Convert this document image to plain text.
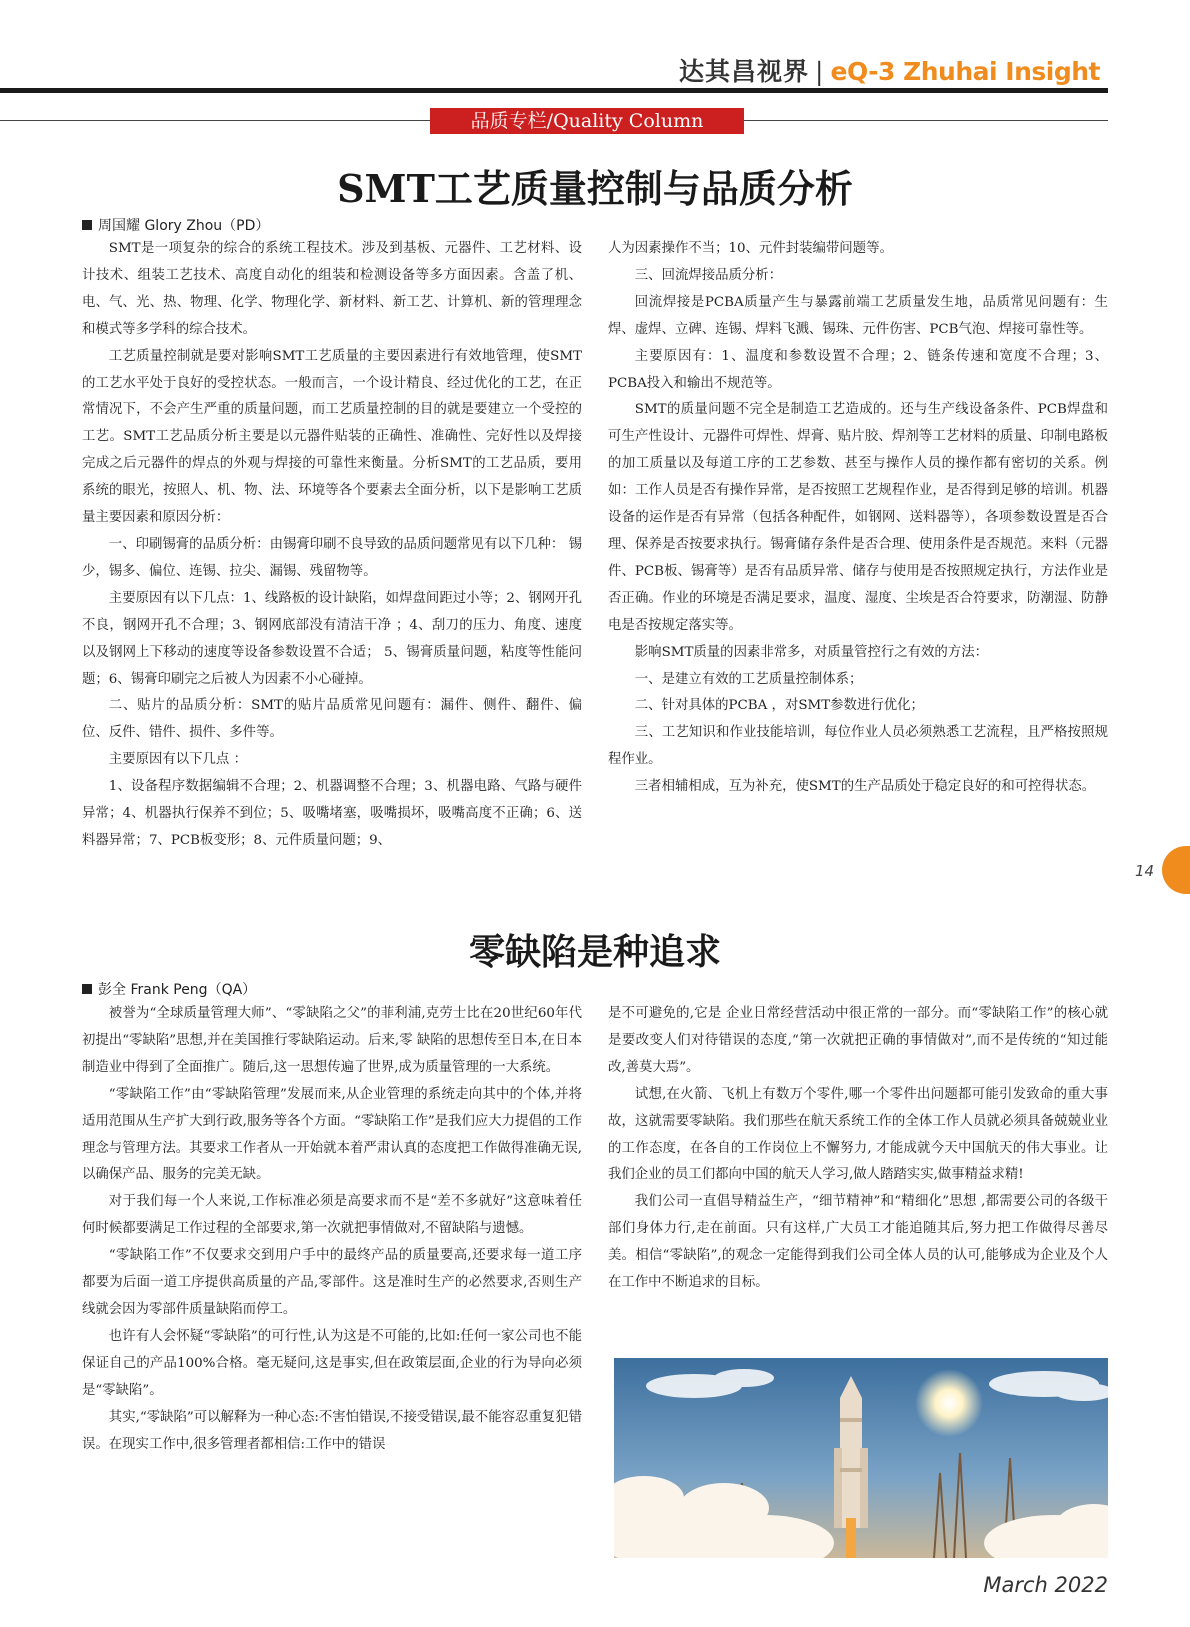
达其昌视界 | eQ-3 Zhuhai Insight
品质专栏/Quality Column
SMT工艺质量控制与品质分析
周国耀 Glory Zhou（PD）

SMT是一项复杂的综合的系统工程技术。涉及到基板、元器件、工艺材料、设计技术、组装工艺技术、高度自动化的组装和检测设备等多方面因素。含盖了机、电、气、光、热、物理、化学、物理化学、新材料、新工艺、计算机、新的管理理念和模式等多学科的综合技术。

工艺质量控制就是要对影响SMT工艺质量的主要因素进行有效地管理，使SMT的工艺水平处于良好的受控状态。一般而言，一个设计精良、经过优化的工艺，在正常情况下，不会产生严重的质量问题，而工艺质量控制的目的就是要建立一个受控的工艺。SMT工艺品质分析主要是以元器件贴装的正确性、准确性、完好性以及焊接完成之后元器件的焊点的外观与焊接的可靠性来衡量。分析SMT的工艺品质，要用系统的眼光，按照人、机、物、法、环境等各个要素去全面分析，以下是影响工艺质量主要因素和原因分析：

一、印刷锡膏的品质分析：由锡膏印刷不良导致的品质问题常见有以下几种： 锡少，锡多、偏位、连锡、拉尖、漏锡、残留物等。

主要原因有以下几点：1、线路板的设计缺陷，如焊盘间距过小等；2、钢网开孔不良，钢网开孔不合理；3、钢网底部没有清洁干净 ；4、刮刀的压力、角度、速度以及钢网上下移动的速度等设备参数设置不合适； 5、锡膏质量问题，粘度等性能问题；6、锡膏印刷完之后被人为因素不小心碰掉。

二、贴片的品质分析：SMT的贴片品质常见问题有：漏件、侧件、翻件、偏位、反件、错件、损件、多件等。

主要原因有以下几点 ：

1、设备程序数据编辑不合理；2、机器调整不合理；3、机器电路、气路与硬件异常；4、机器执行保养不到位；5、吸嘴堵塞，吸嘴损坏，吸嘴高度不正确；6、送料器异常；7、PCB板变形；8、元件质量问题；9、

人为因素操作不当；10、元件封装编带问题等。

三、回流焊接品质分析：

回流焊接是PCBA质量产生与暴露前端工艺质量发生地，品质常见问题有：生焊、虚焊、立碑、连锡、焊料飞溅、锡珠、元件伤害、PCB气泡、焊接可靠性等。

主要原因有：1、温度和参数设置不合理；2、链条传速和宽度不合理；3、PCBA投入和输出不规范等。

SMT的质量问题不完全是制造工艺造成的。还与生产线设备条件、PCB焊盘和可生产性设计、元器件可焊性、焊膏、贴片胶、焊剂等工艺材料的质量、印制电路板的加工质量以及每道工序的工艺参数、甚至与操作人员的操作都有密切的关系。例如：工作人员是否有操作异常，是否按照工艺规程作业，是否得到足够的培训。机器设备的运作是否有异常（包括各种配件，如钢网、送料器等），各项参数设置是否合理、保养是否按要求执行。锡膏储存条件是否合理、使用条件是否规范。来料（元器件、PCB板、锡膏等）是否有品质异常、储存与使用是否按照规定执行，方法作业是否正确。作业的环境是否满足要求，温度、湿度、尘埃是否合符要求，防潮湿、防静电是否按规定落实等。

影响SMT质量的因素非常多，对质量管控行之有效的方法：

一、是建立有效的工艺质量控制体系；

二、针对具体的PCBA ，对SMT参数进行优化；

三、工艺知识和作业技能培训，每位作业人员必须熟悉工艺流程，且严格按照规程作业。

三者相辅相成，互为补充，使SMT的生产品质处于稳定良好的和可控得状态。

14
零缺陷是种追求
彭全 Frank Peng（QA）

被誉为“全球质量管理大师”、“零缺陷之父”的菲利浦,克劳士比在20世纪60年代初提出“零缺陷”思想,并在美国推行零缺陷运动。后来,零 缺陷的思想传至日本,在日本制造业中得到了全面推广。随后,这一思想传遍了世界,成为质量管理的一大系统。

“零缺陷工作”由“零缺陷管理”发展而来,从企业管理的系统走向其中的个体,并将适用范围从生产扩大到行政,服务等各个方面。“零缺陷工作”是我们应大力提倡的工作理念与管理方法。其要求工作者从一开始就本着严肃认真的态度把工作做得准确无误,以确保产品、服务的完美无缺。

对于我们每一个人来说,工作标准必须是高要求而不是“差不多就好”这意味着任何时候都要满足工作过程的全部要求,第一次就把事情做对,不留缺陷与遗憾。

“零缺陷工作”不仅要求交到用户手中的最终产品的质量要高,还要求每一道工序都要为后面一道工序提供高质量的产品,零部件。这是准时生产的必然要求,否则生产线就会因为零部件质量缺陷而停工。

也许有人会怀疑“零缺陷”的可行性,认为这是不可能的,比如:任何一家公司也不能保证自己的产品100%合格。毫无疑问,这是事实,但在政策层面,企业的行为导向必须是“零缺陷”。

其实,“零缺陷”可以解释为一种心态:不害怕错误,不接受错误,最不能容忍重复犯错误。在现实工作中,很多管理者都相信:工作中的错误

是不可避免的,它是 企业日常经营活动中很正常的一部分。而“零缺陷工作”的核心就是要改变人们对待错误的态度,“第一次就把正确的事情做对”,而不是传统的“知过能改,善莫大焉”。

试想,在火箭、飞机上有数万个零件,哪一个零件出问题都可能引发致命的重大事故，这就需要零缺陷。我们那些在航天系统工作的全体工作人员就必须具备兢兢业业的工作态度，在各自的工作岗位上不懈努力, 才能成就今天中国航天的伟大事业。让我们企业的员工们都向中国的航天人学习,做人踏踏实实,做事精益求精!

我们公司一直倡导精益生产，“细节精神”和“精细化”思想 ,都需要公司的各级干部们身体力行,走在前面。只有这样,广大员工才能追随其后,努力把工作做得尽善尽美。相信“零缺陷”,的观念一定能得到我们公司全体人员的认可,能够成为企业及个人在工作中不断追求的目标。

March 2022
